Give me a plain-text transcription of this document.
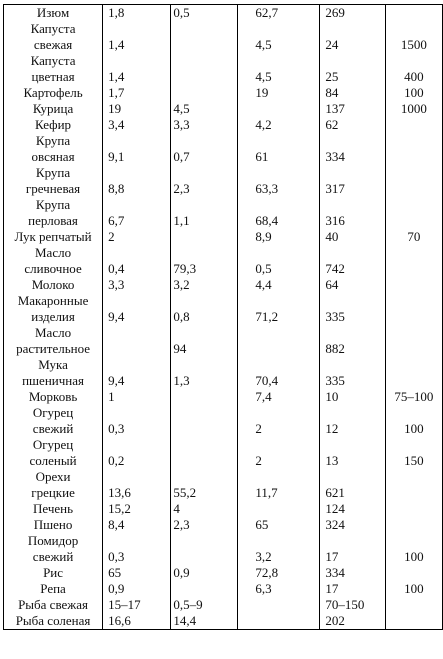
Изюм	1,8	0,5	62,7	269	

Капуста
свежая	1,4		4,5	24	1500

Капуста
цветная	1,4		4,5	25	400
Картофель	1,7		19	84	100
Курица	19	4,5		137	1000
Кефир	3,4	3,3	4,2	62	

Крупа
овсяная	9,1	0,7	61	334	

Крупа
гречневая	8,8	2,3	63,3	317	

Крупа
перловая	6,7	1,1	68,4	316	
Лук репчатый	2		8,9	40	70

Масло
сливочное	0,4	79,3	0,5	742	
Молоко	3,3	3,2	4,4	64	

Макаронные
изделия	9,4	0,8	71,2	335	

Масло
растительное		94		882	

Мука
пшеничная	9,4	1,3	70,4	335	
Морковь	1		7,4	10	75–100

Огурец
свежий	0,3		2	12	100

Огурец
соленый	0,2		2	13	150

Орехи
грецкие	13,6	55,2	11,7	621	
Печень	15,2	4		124	
Пшено	8,4	2,3	65	324	

Помидор
свежий	0,3		3,2	17	100
Рис	65	0,9	72,8	334	
Репа	0,9		6,3	17	100
Рыба свежая	15–17	0,5–9		70–150	
Рыба соленая	16,6	14,4		202	
